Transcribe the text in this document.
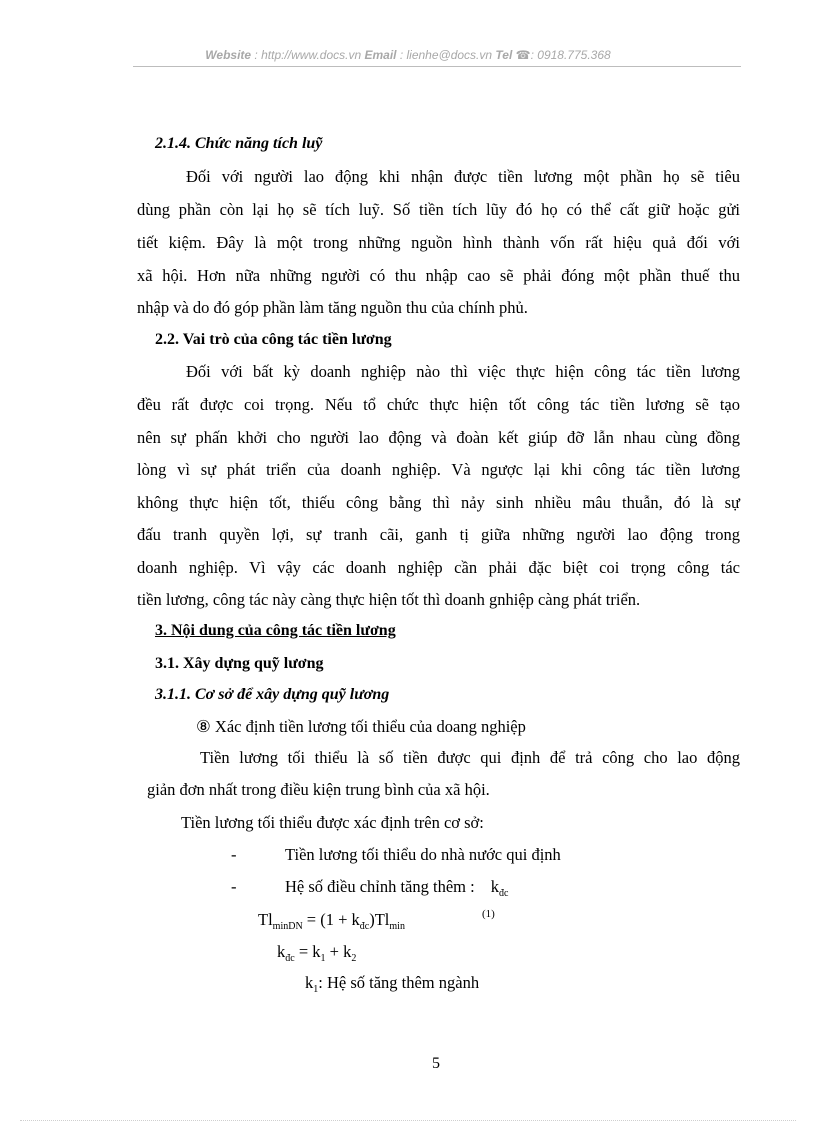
Website : http://www.docs.vn Email : lienhe@docs.vn Tel ☎: 0918.775.368
2.1.4. Chức năng tích luỹ
Đối với người lao động khi nhận được tiền lương một phần họ sẽ tiêu
dùng phần còn lại họ sẽ tích luỹ. Số tiền tích lũy đó họ có thể cất giữ hoặc gửi
tiết kiệm. Đây là một trong những nguồn hình thành vốn rất hiệu quả đối với
xã hội. Hơn nữa những người có thu nhập cao sẽ phải đóng một phần thuế thu
nhập và do đó góp phần làm tăng nguồn thu của chính phủ.
2.2. Vai trò của công tác tiền lương
Đối với bất kỳ doanh nghiệp nào thì việc thực hiện công tác tiền lương
đều rất được coi trọng. Nếu tổ chức thực hiện tốt công tác tiền lương sẽ tạo
nên sự phấn khởi cho người lao động và đoàn kết giúp đỡ lẫn nhau cùng đồng
lòng vì sự phát triển của doanh nghiệp. Và ngược lại khi công tác tiền lương
không thực hiện tốt, thiếu công bằng thì nảy sinh nhiều mâu thuẫn, đó là sự
đấu tranh quyền lợi, sự tranh cãi, ganh tị giữa những người lao động trong
doanh nghiệp. Vì vậy các doanh nghiệp cần phải đặc biệt coi trọng công tác
tiền lương, công tác này càng thực hiện tốt thì doanh gnhiệp càng phát triển.
3. Nội dung của công tác tiền lương
3.1. Xây dựng quỹ lương
3.1.1. Cơ sở để xây dựng quỹ lương
⑧ Xác định tiền lương tối thiểu của doang nghiệp
Tiền lương tối thiểu là số tiền được qui định để trả công cho lao động
giản đơn nhất trong điều kiện trung bình của xã hội.
Tiền lương tối thiểu được xác định trên cơ sở:
-	Tiền lương tối thiểu do nhà nước qui định
-	Hệ số điều chỉnh tăng thêm : $k_{đc}$
$Tl_{minDN} = (1 + k_{đc})Tl_{min}$
(1)
$k_{đc} = k_1 + k_2$
$k_1$: Hệ số tăng thêm ngành
5
